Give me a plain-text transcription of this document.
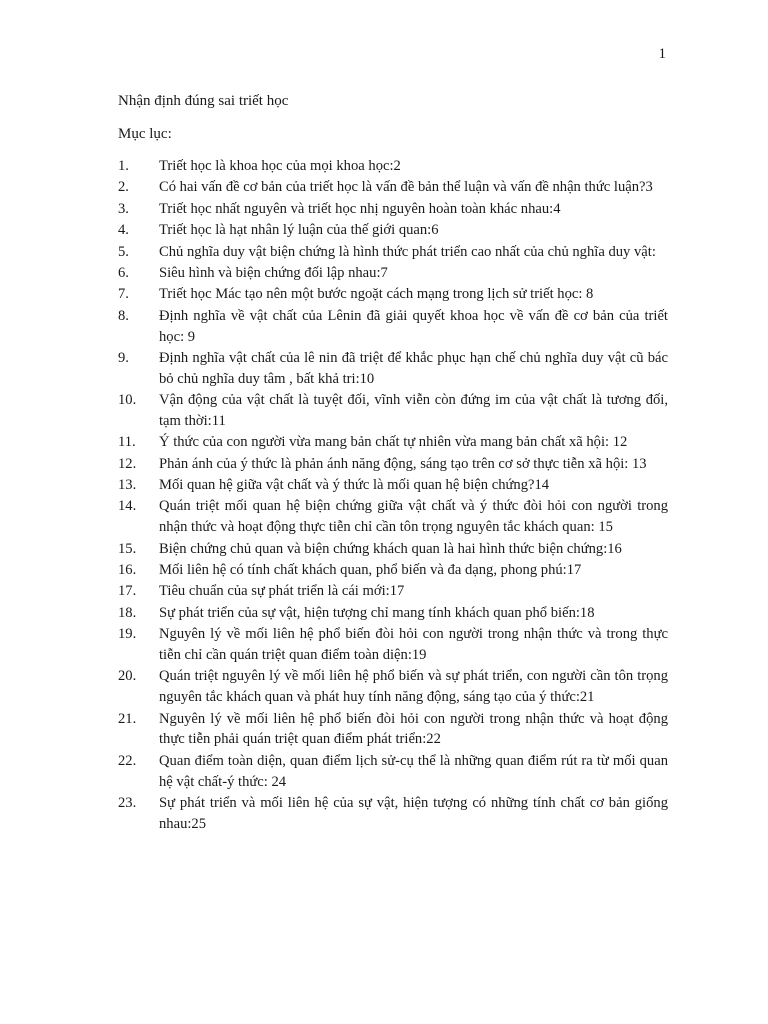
1
Nhận định đúng sai triết học
Mục lục:
1.	Triết học là khoa học của mọi khoa học:2
2.	Có hai vấn đề cơ bản của triết học là vấn đề bản thể luận và vấn đề nhận thức luận?3
3.	Triết học nhất nguyên và triết học nhị nguyên hoàn toàn khác nhau:4
4.	Triết học là hạt nhân lý luận của thế giới quan:6
5.	Chủ nghĩa duy vật biện chứng là hình thức phát triển cao nhất của chủ nghĩa duy vật:
6.	Siêu hình và biện chứng đối lập nhau:7
7.	Triết học Mác tạo nên một bước ngoặt cách mạng trong lịch sử triết học: 8
8.	Định nghĩa về vật chất của Lênin đã giải quyết khoa học về vấn đề cơ bản của triết học: 9
9.	Định nghĩa vật chất của lê nin đã triệt để khắc phục hạn chế chủ nghĩa duy vật cũ bác bỏ chủ nghĩa duy tâm , bất khả tri:10
10.	Vận động của vật chất là tuyệt đối, vĩnh viễn còn đứng im của vật chất là tương đối, tạm thời:11
11.	Ý thức của con người vừa mang bản chất tự nhiên vừa mang bản chất xã hội: 12
12.	Phản ánh của ý thức là phản ánh năng động, sáng tạo trên cơ sở thực tiễn xã hội: 13
13.	Mối quan hệ giữa vật chất và ý thức là mối quan hệ biện chứng?14
14.	Quán triệt mối quan hệ biện chứng giữa vật chất và ý thức đòi hỏi con người trong nhận thức và hoạt động thực tiễn chỉ cần tôn trọng nguyên tắc khách quan: 15
15.	Biện chứng chủ quan và biện chứng khách quan là hai hình thức biện chứng:16
16.	Mối liên hệ có tính chất khách quan, phổ biến và đa dạng, phong phú:17
17.	Tiêu chuẩn của sự phát triển là cái mới:17
18.	Sự phát triển của sự vật, hiện tượng chỉ mang tính khách quan phổ biến:18
19.	Nguyên lý về mối liên hệ phổ biến đòi hỏi con người trong nhận thức và trong thực tiễn chỉ cần quán triệt quan điểm toàn diện:19
20.	Quán triệt nguyên lý về mối liên hệ phổ biến và sự phát triển, con người cần tôn trọng nguyên tắc khách quan và phát huy tính năng động, sáng tạo của ý thức:21
21.	Nguyên lý về mối liên hệ phổ biến đòi hỏi con người trong nhận thức và hoạt động thực tiễn phải quán triệt quan điểm phát triển:22
22.	Quan điểm toàn diện, quan điểm lịch sử-cụ thể là những quan điểm rút ra từ mối quan hệ vật chất-ý thức: 24
23.	Sự phát triển và mối liên hệ của sự vật, hiện tượng có những tính chất cơ bản giống nhau:25
